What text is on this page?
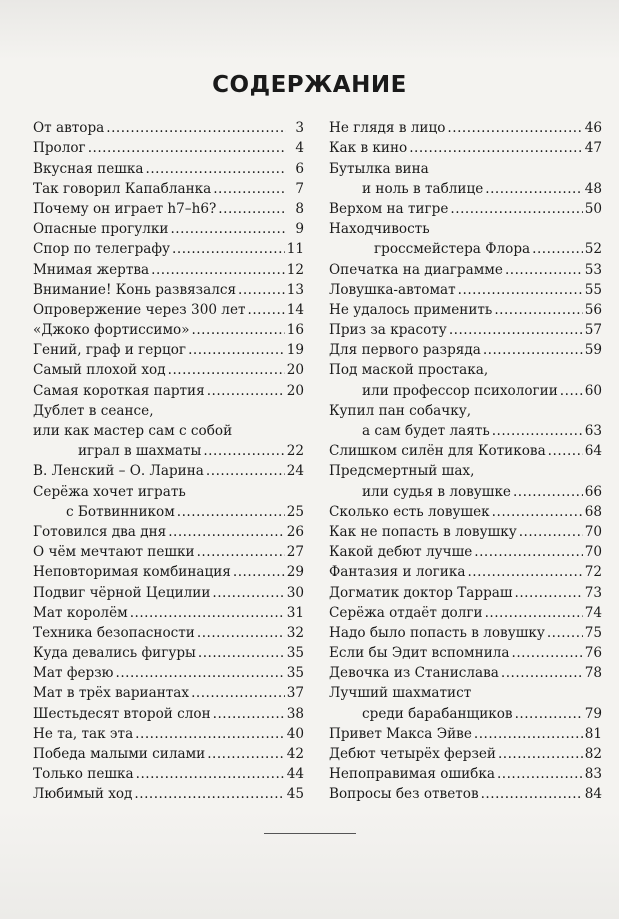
СОДЕРЖАНИЕ
От автора .....	3
Пролог .....	4
Вкусная пешка .....	6
Так говорил Капабланка .....	7
Почему он играет h7–h6? .....	8
Опасные прогулки .....	9
Спор по телеграфу .....	11
Мнимая жертва .....	12
Внимание! Конь развязался .....	13
Опровержение через 300 лет .....	14
«Джоко фортиссимо» .....	16
Гений, граф и герцог .....	19
Самый плохой ход .....	20
Самая короткая партия .....	20
Дублет в сеансе,
или как мастер сам с собой
играл в шахматы .....	22
В. Ленский – О. Ларина .....	24
Серёжа хочет играть
с Ботвинником .....	25
Готовился два дня .....	26
О чём мечтают пешки .....	27
Неповторимая комбинация .....	29
Подвиг чёрной Цецилии .....	30
Мат королём .....	31
Техника безопасности .....	32
Куда девались фигуры .....	35
Мат ферзю .....	35
Мат в трёх вариантах .....	37
Шестьдесят второй слон .....	38
Не та, так эта .....	40
Победа малыми силами .....	42
Только пешка .....	44
Любимый ход .....	45
Не глядя в лицо .....	46
Как в кино .....	47
Бутылка вина
и ноль в таблице .....	48
Верхом на тигре .....	50
Находчивость
гроссмейстера Флора .....	52
Опечатка на диаграмме .....	53
Ловушка-автомат .....	55
Не удалось применить .....	56
Приз за красоту .....	57
Для первого разряда .....	59
Под маской простака,
или профессор психологии ..... 60
Купил пан собачку,
а сам будет лаять .....	63
Слишком силён для Котикова .....	64
Предсмертный шах,
или судья в ловушке .....	66
Сколько есть ловушек .....	68
Как не попасть в ловушку .....	70
Какой дебют лучше .....	70
Фантазия и логика .....	72
Догматик доктор Тарраш .....	73
Серёжа отдаёт долги .....	74
Надо было попасть в ловушку .....	75
Если бы Эдит вспомнила .....	76
Девочка из Станислава .....	78
Лучший шахматист
среди барабанщиков .....	79
Привет Макса Эйве .....	81
Дебют четырёх ферзей .....	82
Непоправимая ошибка .....	83
Вопросы без ответов .....	84
